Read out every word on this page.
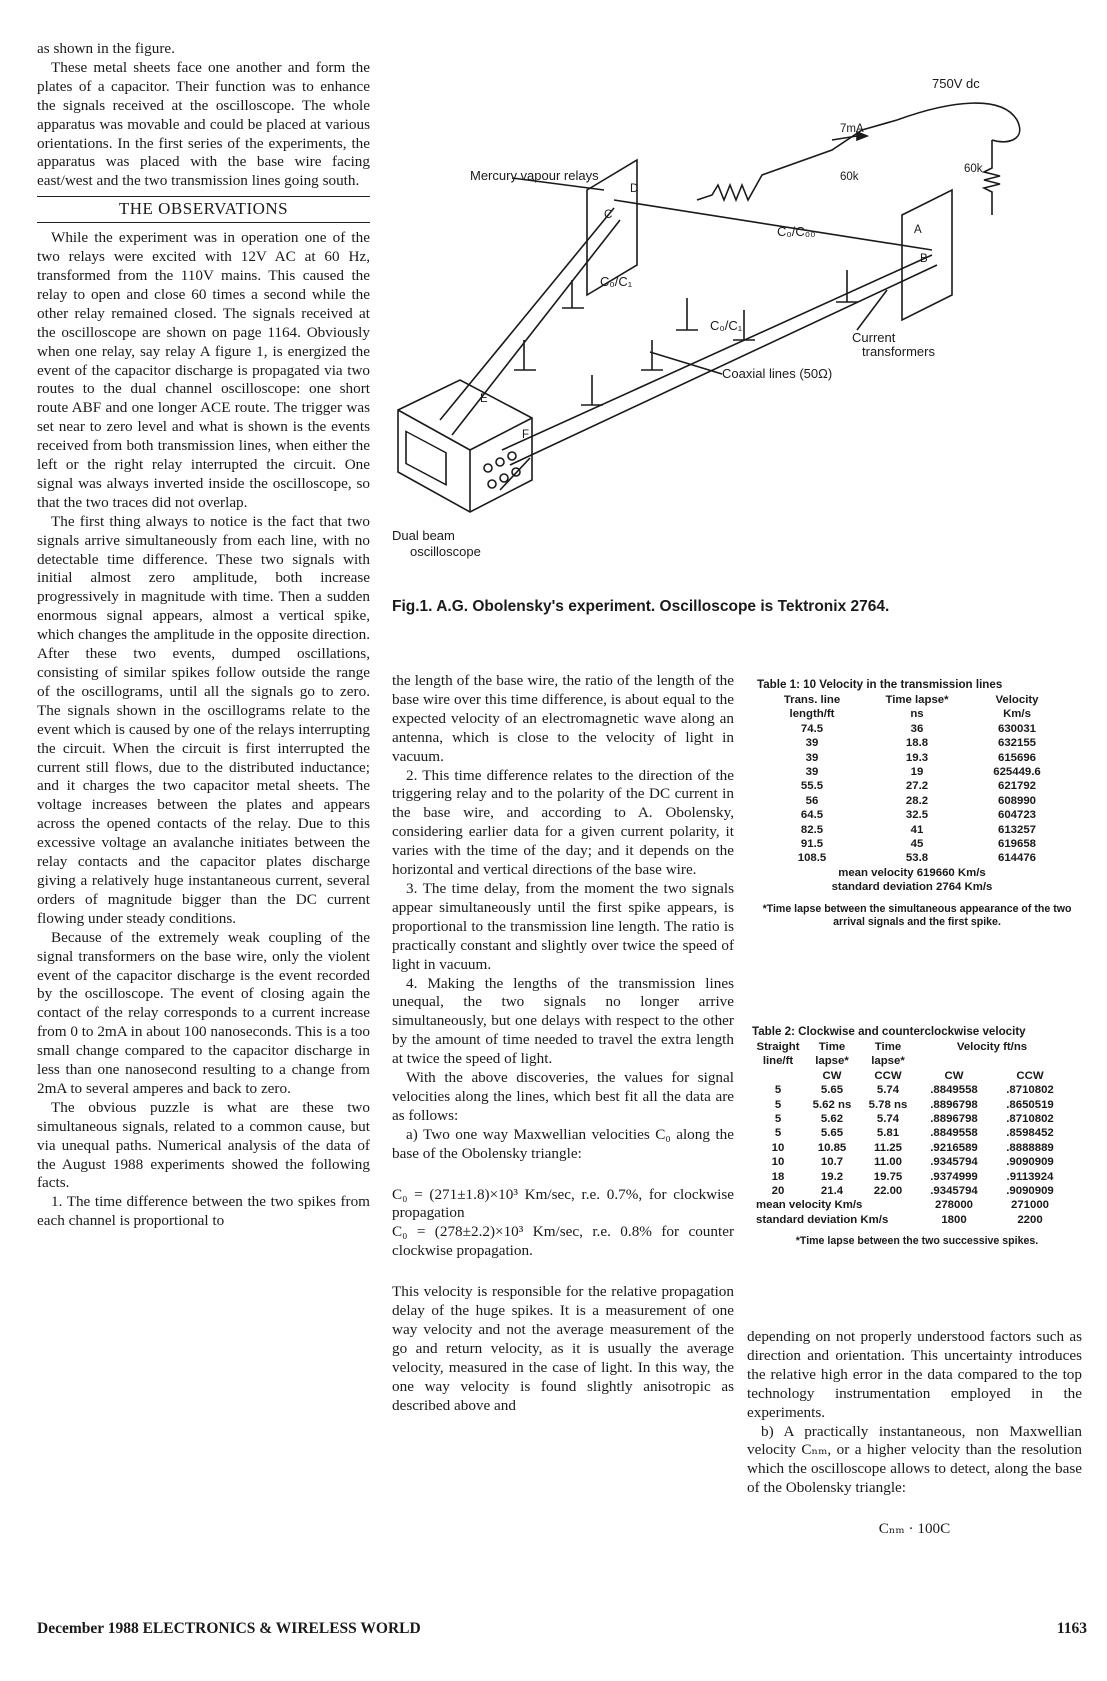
as shown in the figure.

These metal sheets face one another and form the plates of a capacitor. Their function was to enhance the signals received at the oscilloscope. The whole apparatus was movable and could be placed at various orientations. In the first series of the experiments, the apparatus was placed with the base wire facing east/west and the two transmission lines going south.

THE OBSERVATIONS

While the experiment was in operation one of the two relays were excited with 12V AC at 60 Hz, transformed from the 110V mains. This caused the relay to open and close 60 times a second while the other relay remained closed. The signals received at the oscilloscope are shown on page 1164. Obviously when one relay, say relay A figure 1, is energized the event of the capacitor discharge is propagated via two routes to the dual channel oscilloscope: one short route ABF and one longer ACE route. The trigger was set near to zero level and what is shown is the events received from both transmission lines, when either the left or the right relay interrupted the circuit. One signal was always inverted inside the oscilloscope, so that the two traces did not overlap.

The first thing always to notice is the fact that two signals arrive simultaneously from each line, with no detectable time difference. These two signals with initial almost zero amplitude, both increase progressively in magnitude with time. Then a sudden enormous signal appears, almost a vertical spike, which changes the amplitude in the opposite direction. After these two events, dumped oscillations, consisting of similar spikes follow outside the range of the oscillograms, until all the signals go to zero. The signals shown in the oscillograms relate to the event which is caused by one of the relays interrupting the circuit. When the circuit is first interrupted the current still flows, due to the distributed inductance; and it charges the two capacitor metal sheets. The voltage increases between the plates and appears across the opened contacts of the relay. Due to this excessive voltage an avalanche initiates between the relay contacts and the capacitor plates discharge giving a relatively huge instantaneous current, several orders of magnitude bigger than the DC current flowing under steady conditions.

Because of the extremely weak coupling of the signal transformers on the base wire, only the violent event of the capacitor discharge is the event recorded by the oscilloscope. The event of closing again the contact of the relay corresponds to a current increase from 0 to 2mA in about 100 nanoseconds. This is a too small change compared to the capacitor discharge in less than one nanosecond resulting to a change from 2mA to several amperes and back to zero.

The obvious puzzle is what are these two simultaneous signals, related to a common cause, but via unequal paths. Numerical analysis of the data of the August 1988 experiments showed the following facts.

1. The time difference between the two spikes from each channel is proportional to

Mercury vapour relays
Dual beam
oscilloscope
Coaxial lines (50Ω)
Current
transformers
750V dc
7mA
60k
60k
C₀/C₀₀
C₀/C₁
C₀/C₁
A
B
C
D
E
F
Fig.1. A.G. Obolensky's experiment. Oscilloscope is Tektronix 2764.

the length of the base wire, the ratio of the length of the base wire over this time difference, is about equal to the expected velocity of an electromagnetic wave along an antenna, which is close to the velocity of light in vacuum.

2. This time difference relates to the direction of the triggering relay and to the polarity of the DC current in the base wire, and according to A. Obolensky, considering earlier data for a given current polarity, it varies with the time of the day; and it depends on the horizontal and vertical directions of the base wire.

3. The time delay, from the moment the two signals appear simultaneously until the first spike appears, is proportional to the transmission line length. The ratio is practically constant and slightly over twice the speed of light in vacuum.

4. Making the lengths of the transmission lines unequal, the two signals no longer arrive simultaneously, but one delays with respect to the other by the amount of time needed to travel the extra length at twice the speed of light.

With the above discoveries, the values for signal velocities along the lines, which best fit all the data are as follows:

a) Two one way Maxwellian velocities C₀ along the base of the Obolensky triangle:

C₀ = (271±1.8)×10³ Km/sec, r.e. 0.7%, for clockwise propagation

C₀ = (278±2.2)×10³ Km/sec, r.e. 0.8% for counter clockwise propagation.

This velocity is responsible for the relative propagation delay of the huge spikes. It is a measurement of one way velocity and not the average measurement of the go and return velocity, as it is usually the average velocity, measured in the case of light. In this way, the one way velocity is found slightly anisotropic as described above and

Table 1: 10 Velocity in the transmission lines
Trans. line	Time lapse*	Velocity
length/ft	ns	Km/s
74.5	36	630031
39	18.8	632155
39	19.3	615696
39	19	625449.6
55.5	27.2	621792
56	28.2	608990
64.5	32.5	604723
82.5	41	613257
91.5	45	619658
108.5	53.8	614476
mean velocity 619660 Km/s		
standard deviation 2764 Km/s		
*Time lapse between the simultaneous appearance of the two arrival signals and the first spike.
Table 2: Clockwise and counterclockwise velocity
Straight	Time	Time	Velocity ft/ns	
line/ft	lapse*	lapse*		
	CW	CCW	CW	CCW
5	5.65	5.74	.8849558	.8710802
5	5.62 ns	5.78 ns	.8896798	.8650519
5	5.62	5.74	.8896798	.8710802
5	5.65	5.81	.8849558	.8598452
10	10.85	11.25	.9216589	.8888889
10	10.7	11.00	.9345794	.9090909
18	19.2	19.75	.9374999	.9113924
20	21.4	22.00	.9345794	.9090909
mean velocity Km/s			278000	271000
standard deviation Km/s			1800	2200
*Time lapse between the two successive spikes.

depending on not properly understood factors such as direction and orientation. This uncertainty introduces the relative high error in the data compared to the top technology instrumentation employed in the experiments.

b) A practically instantaneous, non Maxwellian velocity Cₙₘ, or a higher velocity than the resolution which the oscilloscope allows to detect, along the base of the Obolensky triangle:

Cₙₘ · 100C

December 1988 ELECTRONICS & WIRELESS WORLD	1163
